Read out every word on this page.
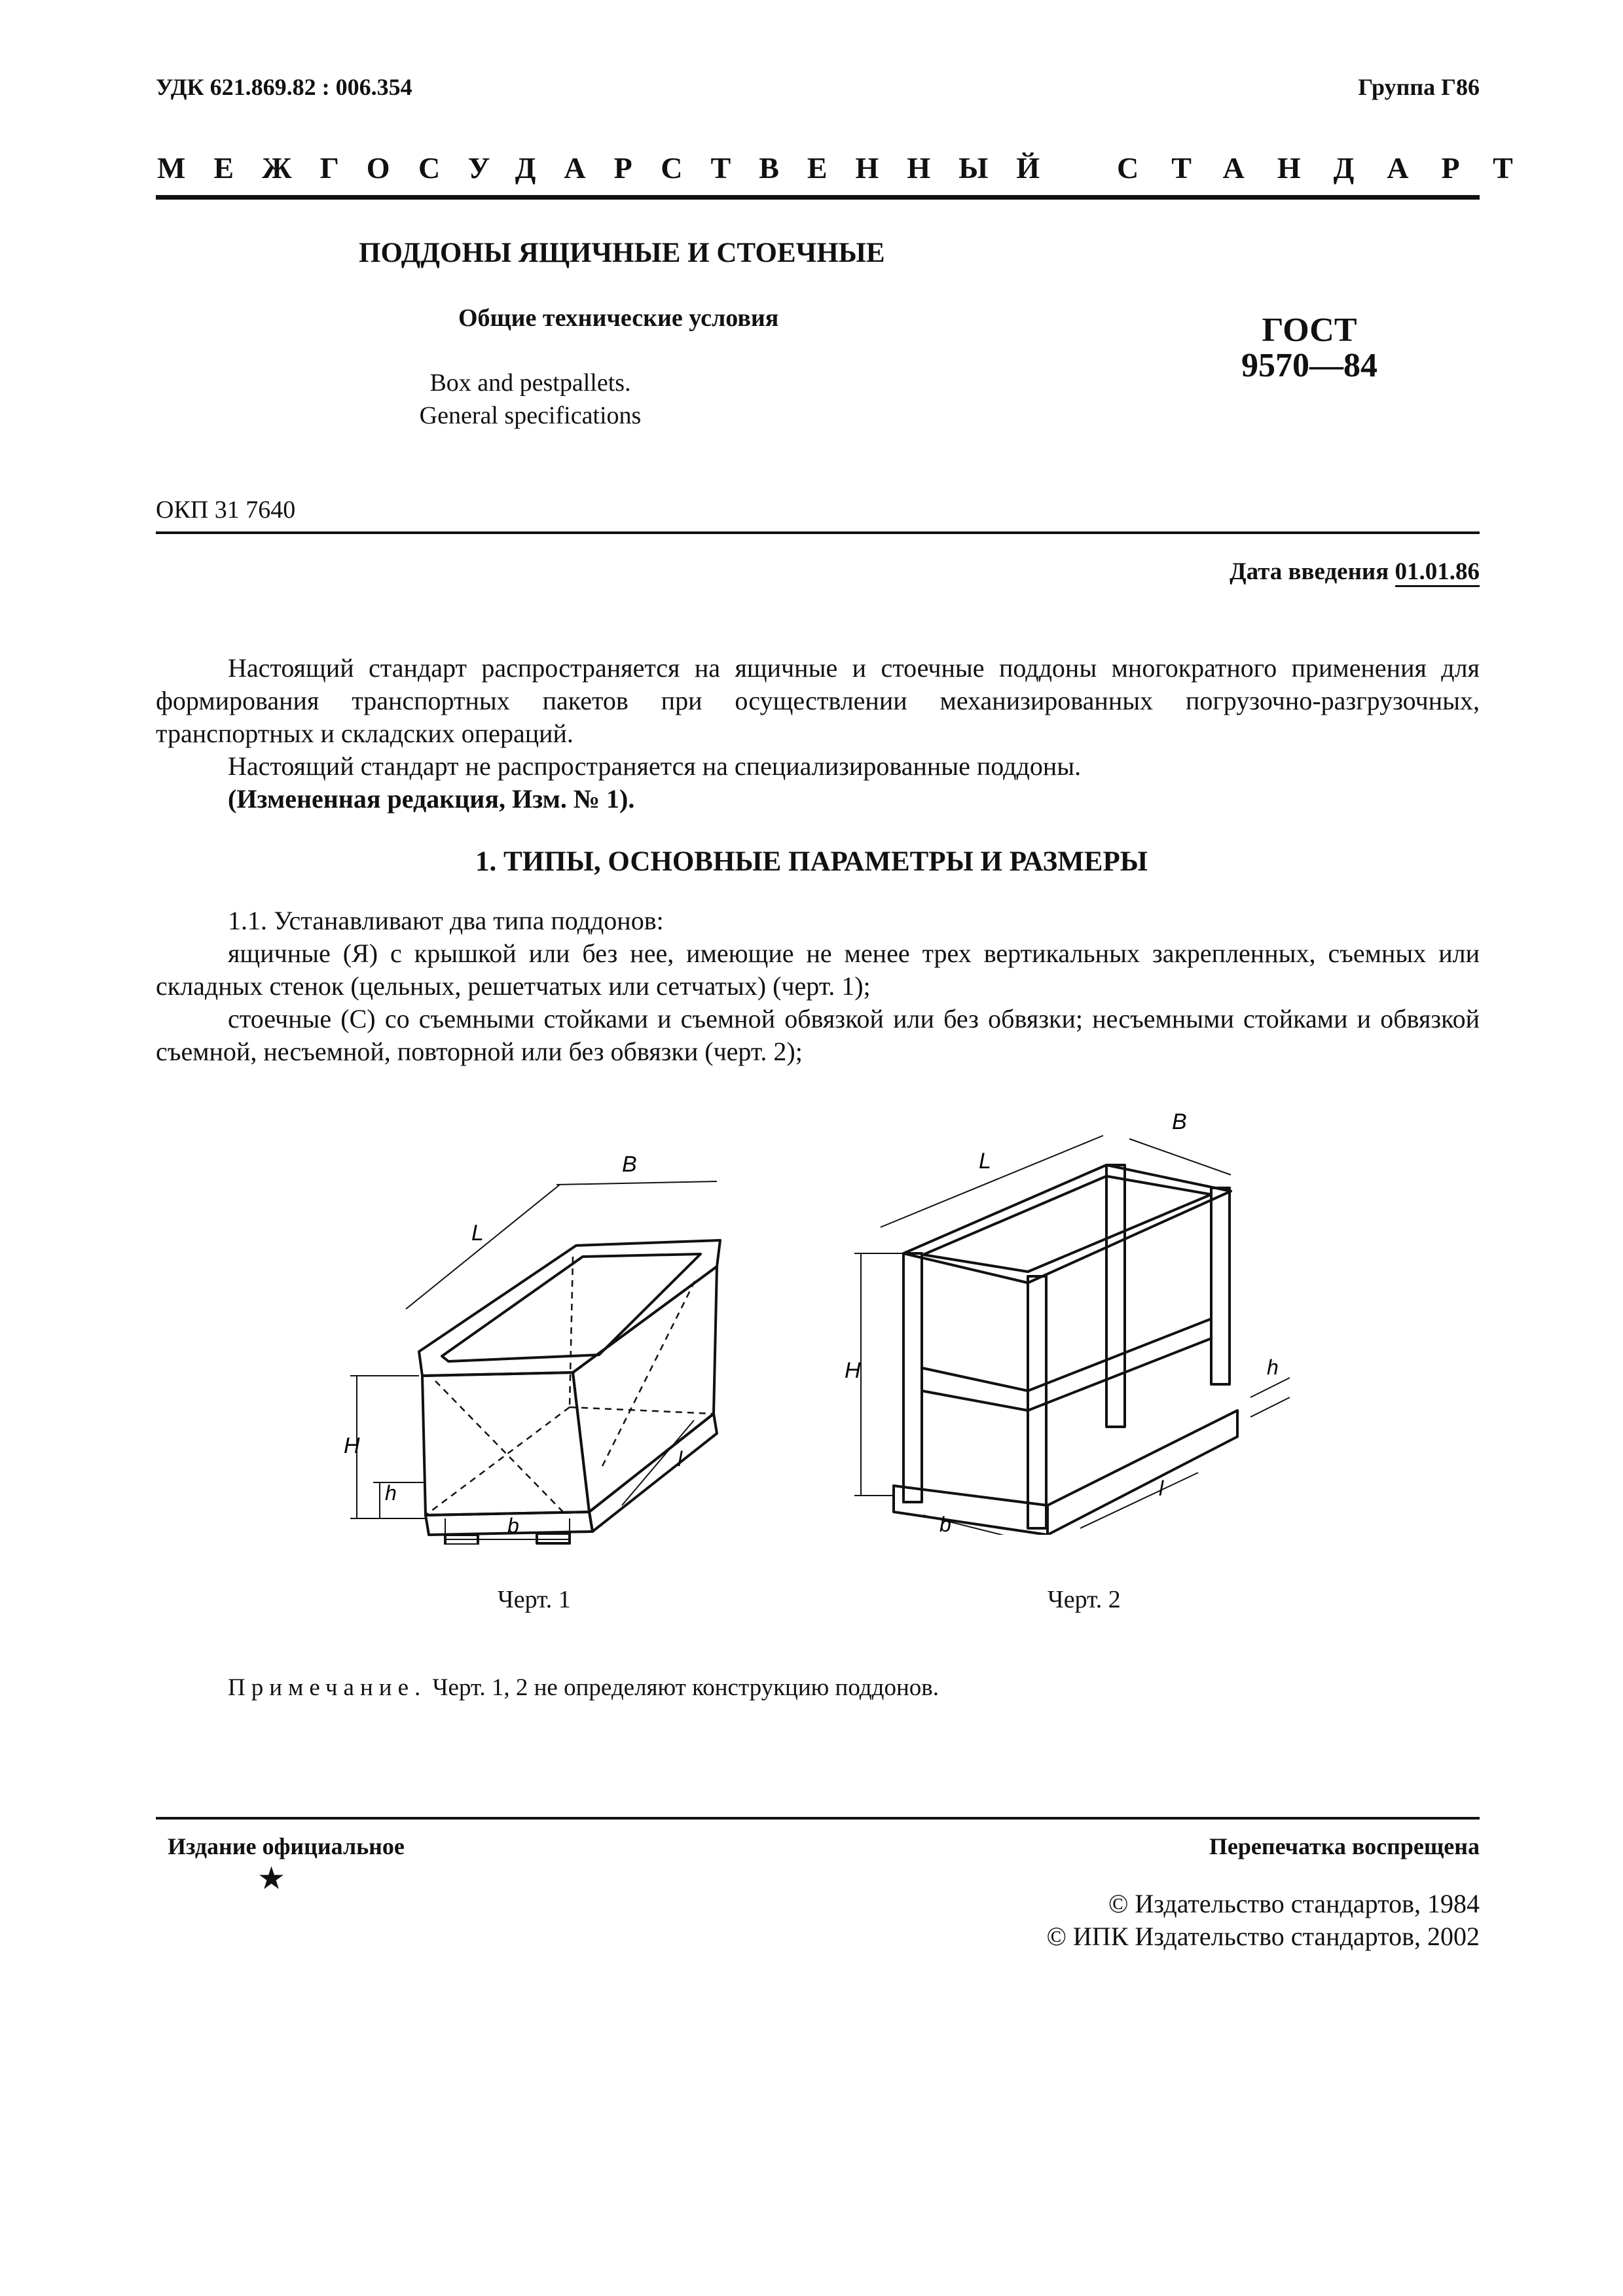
УДК 621.869.82 : 006.354	Группа Г86
МЕЖГОСУДАРСТВЕННЫЙ СТАНДАРТ
ПОДДОНЫ ЯЩИЧНЫЕ И СТОЕЧНЫЕ
Общие технические условия
Box and pestpallets.
General specifications
ГОСТ
9570—84
ОКП 31 7640
Дата введения 01.01.86
Настоящий стандарт распространяется на ящичные и стоечные поддоны многократного применения для формирования транспортных пакетов при осуществлении механизированных погрузочно-разгрузочных, транспортных и складских операций.
Настоящий стандарт не распространяется на специализированные поддоны.
(Измененная редакция, Изм. № 1).
1. ТИПЫ, ОСНОВНЫЕ ПАРАМЕТРЫ И РАЗМЕРЫ
1.1. Устанавливают два типа поддонов:
ящичные (Я) с крышкой или без нее, имеющие не менее трех вертикальных закрепленных, съемных или складных стенок (цельных, решетчатых или сетчатых) (черт. 1);
стоечные (С) со съемными стойками и съемной обвязкой или без обвязки; несъемными стойками и обвязкой съемной, несъемной, повторной или без обвязки (черт. 2);
H
h
b
L
B
l
H	h
b
L
B
l
Черт. 1	Черт. 2
Примечание. Черт. 1, 2 не определяют конструкцию поддонов.
Издание официальное
★
Перепечатка воспрещена
© Издательство стандартов, 1984
© ИПК Издательство стандартов, 2002
